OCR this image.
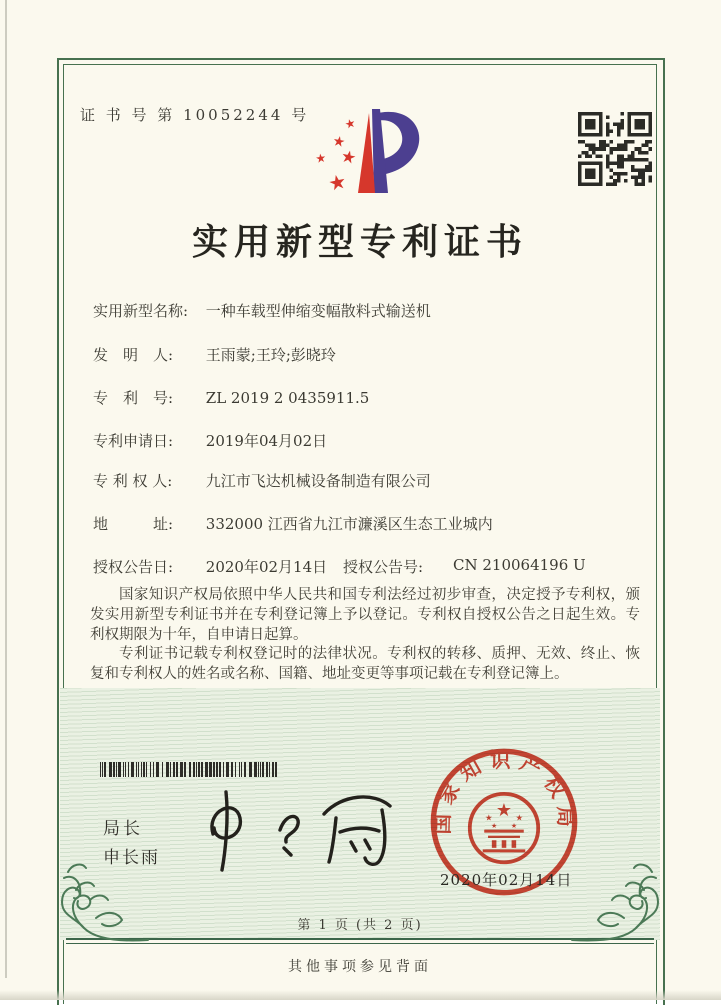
证 书 号 第 10052244 号	★
★
★ ★
★
实用新型专利证书
实用新型名称: 一种车载型伸缩变幅散料式输送机
发　明　人: 王雨蒙;王玲;彭晓玲
专　利　号: ZL 2019 2 0435911.5
专利申请日: 2019年04月02日
专 利 权 人: 九江市飞达机械设备制造有限公司
地　　　址: 332000 江西省九江市濂溪区生态工业城内
授权公告日: 2020年02月14日 授权公告号: CN 210064196 U

国家知识产权局依照中华人民共和国专利法经过初步审查，决定授予专利权，颁发实用新型专利证书并在专利登记簿上予以登记。专利权自授权公告之日起生效。专利权期限为十年，自申请日起算。

专利证书记载专利权登记时的法律状况。专利权的转移、质押、无效、终止、恢复和专利权人的姓名或名称、国籍、地址变更等事项记载在专利登记簿上。

局长
申长雨
国家知识产权局
★
★ ★
★ ★
2020年02月14日
第 1 页 (共 2 页)
其他事项参见背面
